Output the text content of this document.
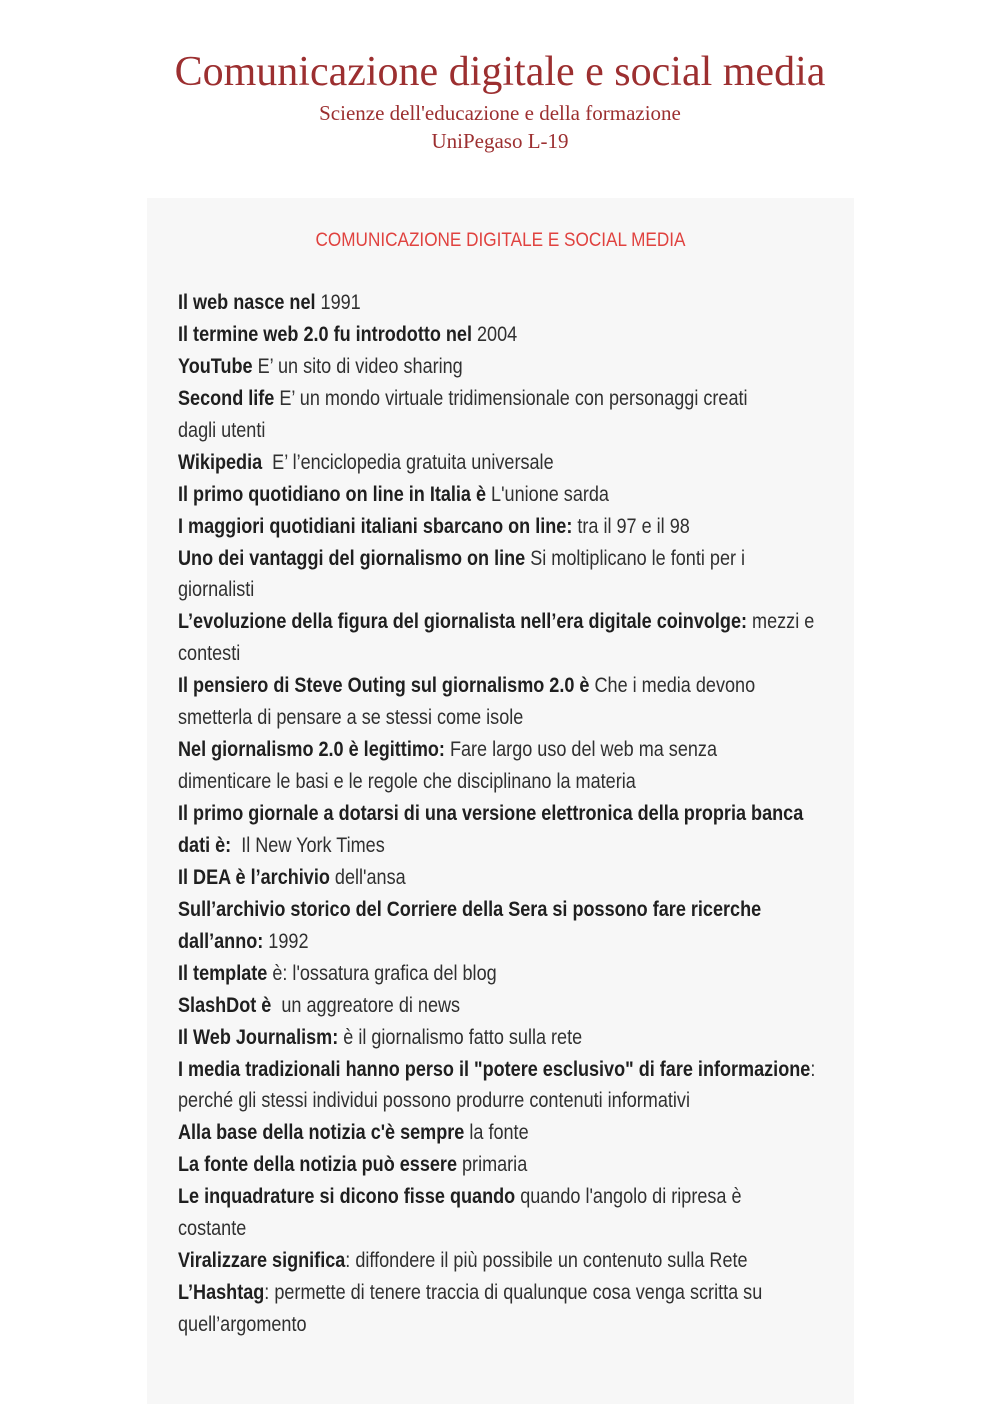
Comunicazione digitale e social media
Scienze dell'educazione e della formazione
UniPegaso L-19
COMUNICAZIONE DIGITALE E SOCIAL MEDIA
Il web nasce nel 1991
Il termine web 2.0 fu introdotto nel 2004
YouTube E’ un sito di video sharing
Second life E’ un mondo virtuale tridimensionale con personaggi creati
dagli utenti
Wikipedia  E’ l’enciclopedia gratuita universale
Il primo quotidiano on line in Italia è L'unione sarda
I maggiori quotidiani italiani sbarcano on line: tra il 97 e il 98
Uno dei vantaggi del giornalismo on line Si moltiplicano le fonti per i
giornalisti
L’evoluzione della figura del giornalista nell’era digitale coinvolge: mezzi e
contesti
Il pensiero di Steve Outing sul giornalismo 2.0 è Che i media devono
smetterla di pensare a se stessi come isole
Nel giornalismo 2.0 è legittimo: Fare largo uso del web ma senza
dimenticare le basi e le regole che disciplinano la materia
Il primo giornale a dotarsi di una versione elettronica della propria banca
dati è:  Il New York Times
Il DEA è l’archivio dell'ansa
Sull’archivio storico del Corriere della Sera si possono fare ricerche
dall’anno: 1992
Il template è: l'ossatura grafica del blog
SlashDot è  un aggreatore di news
Il Web Journalism: è il giornalismo fatto sulla rete
I media tradizionali hanno perso il "potere esclusivo" di fare informazione:
perché gli stessi individui possono produrre contenuti informativi
Alla base della notizia c'è sempre la fonte
La fonte della notizia può essere primaria
Le inquadrature si dicono fisse quando quando l'angolo di ripresa è
costante
Viralizzare significa: diffondere il più possibile un contenuto sulla Rete
L’Hashtag: permette di tenere traccia di qualunque cosa venga scritta su
quell’argomento
